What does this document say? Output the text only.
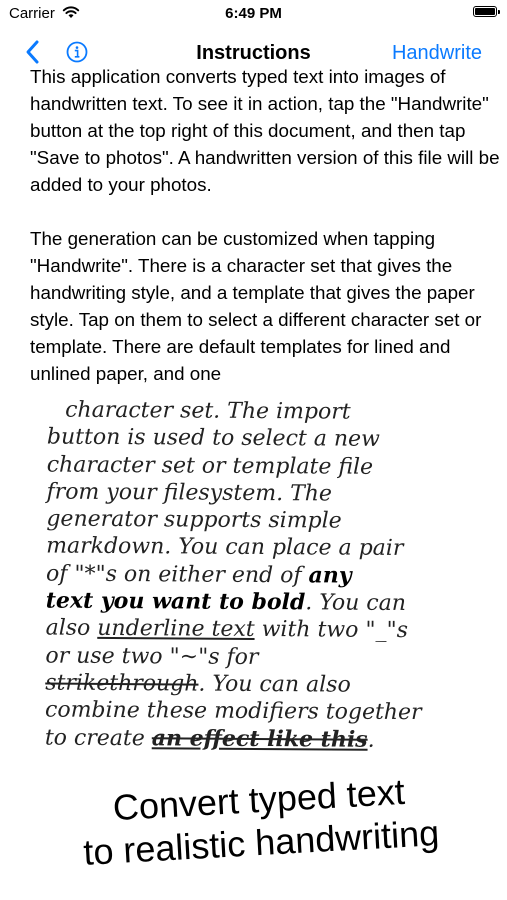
Carrier	6:49 PM
Instructions	Handwrite

This application converts typed text into images of handwritten text. To see it in action, tap the "Handwrite" button at the top right of this document, and then tap "Save to photos". A handwritten version of this file will be added to your photos.

The generation can be customized when tapping "Handwrite". There is a character set that gives the handwriting style, and a template that gives the paper style. Tap on them to select a different character set or template. There are default templates for lined and unlined paper, and one

character set. The import
button is used to select a new
character set or template file
from your filesystem. The
generator supports simple
markdown. You can place a pair
of "*"s on either end of any
text you want to bold. You can
also underline text with two "_"s
or use two "~"s for
strikethrough. You can also
combine these modifiers together
to create an effect like this.
Convert typed text
to realistic handwriting
